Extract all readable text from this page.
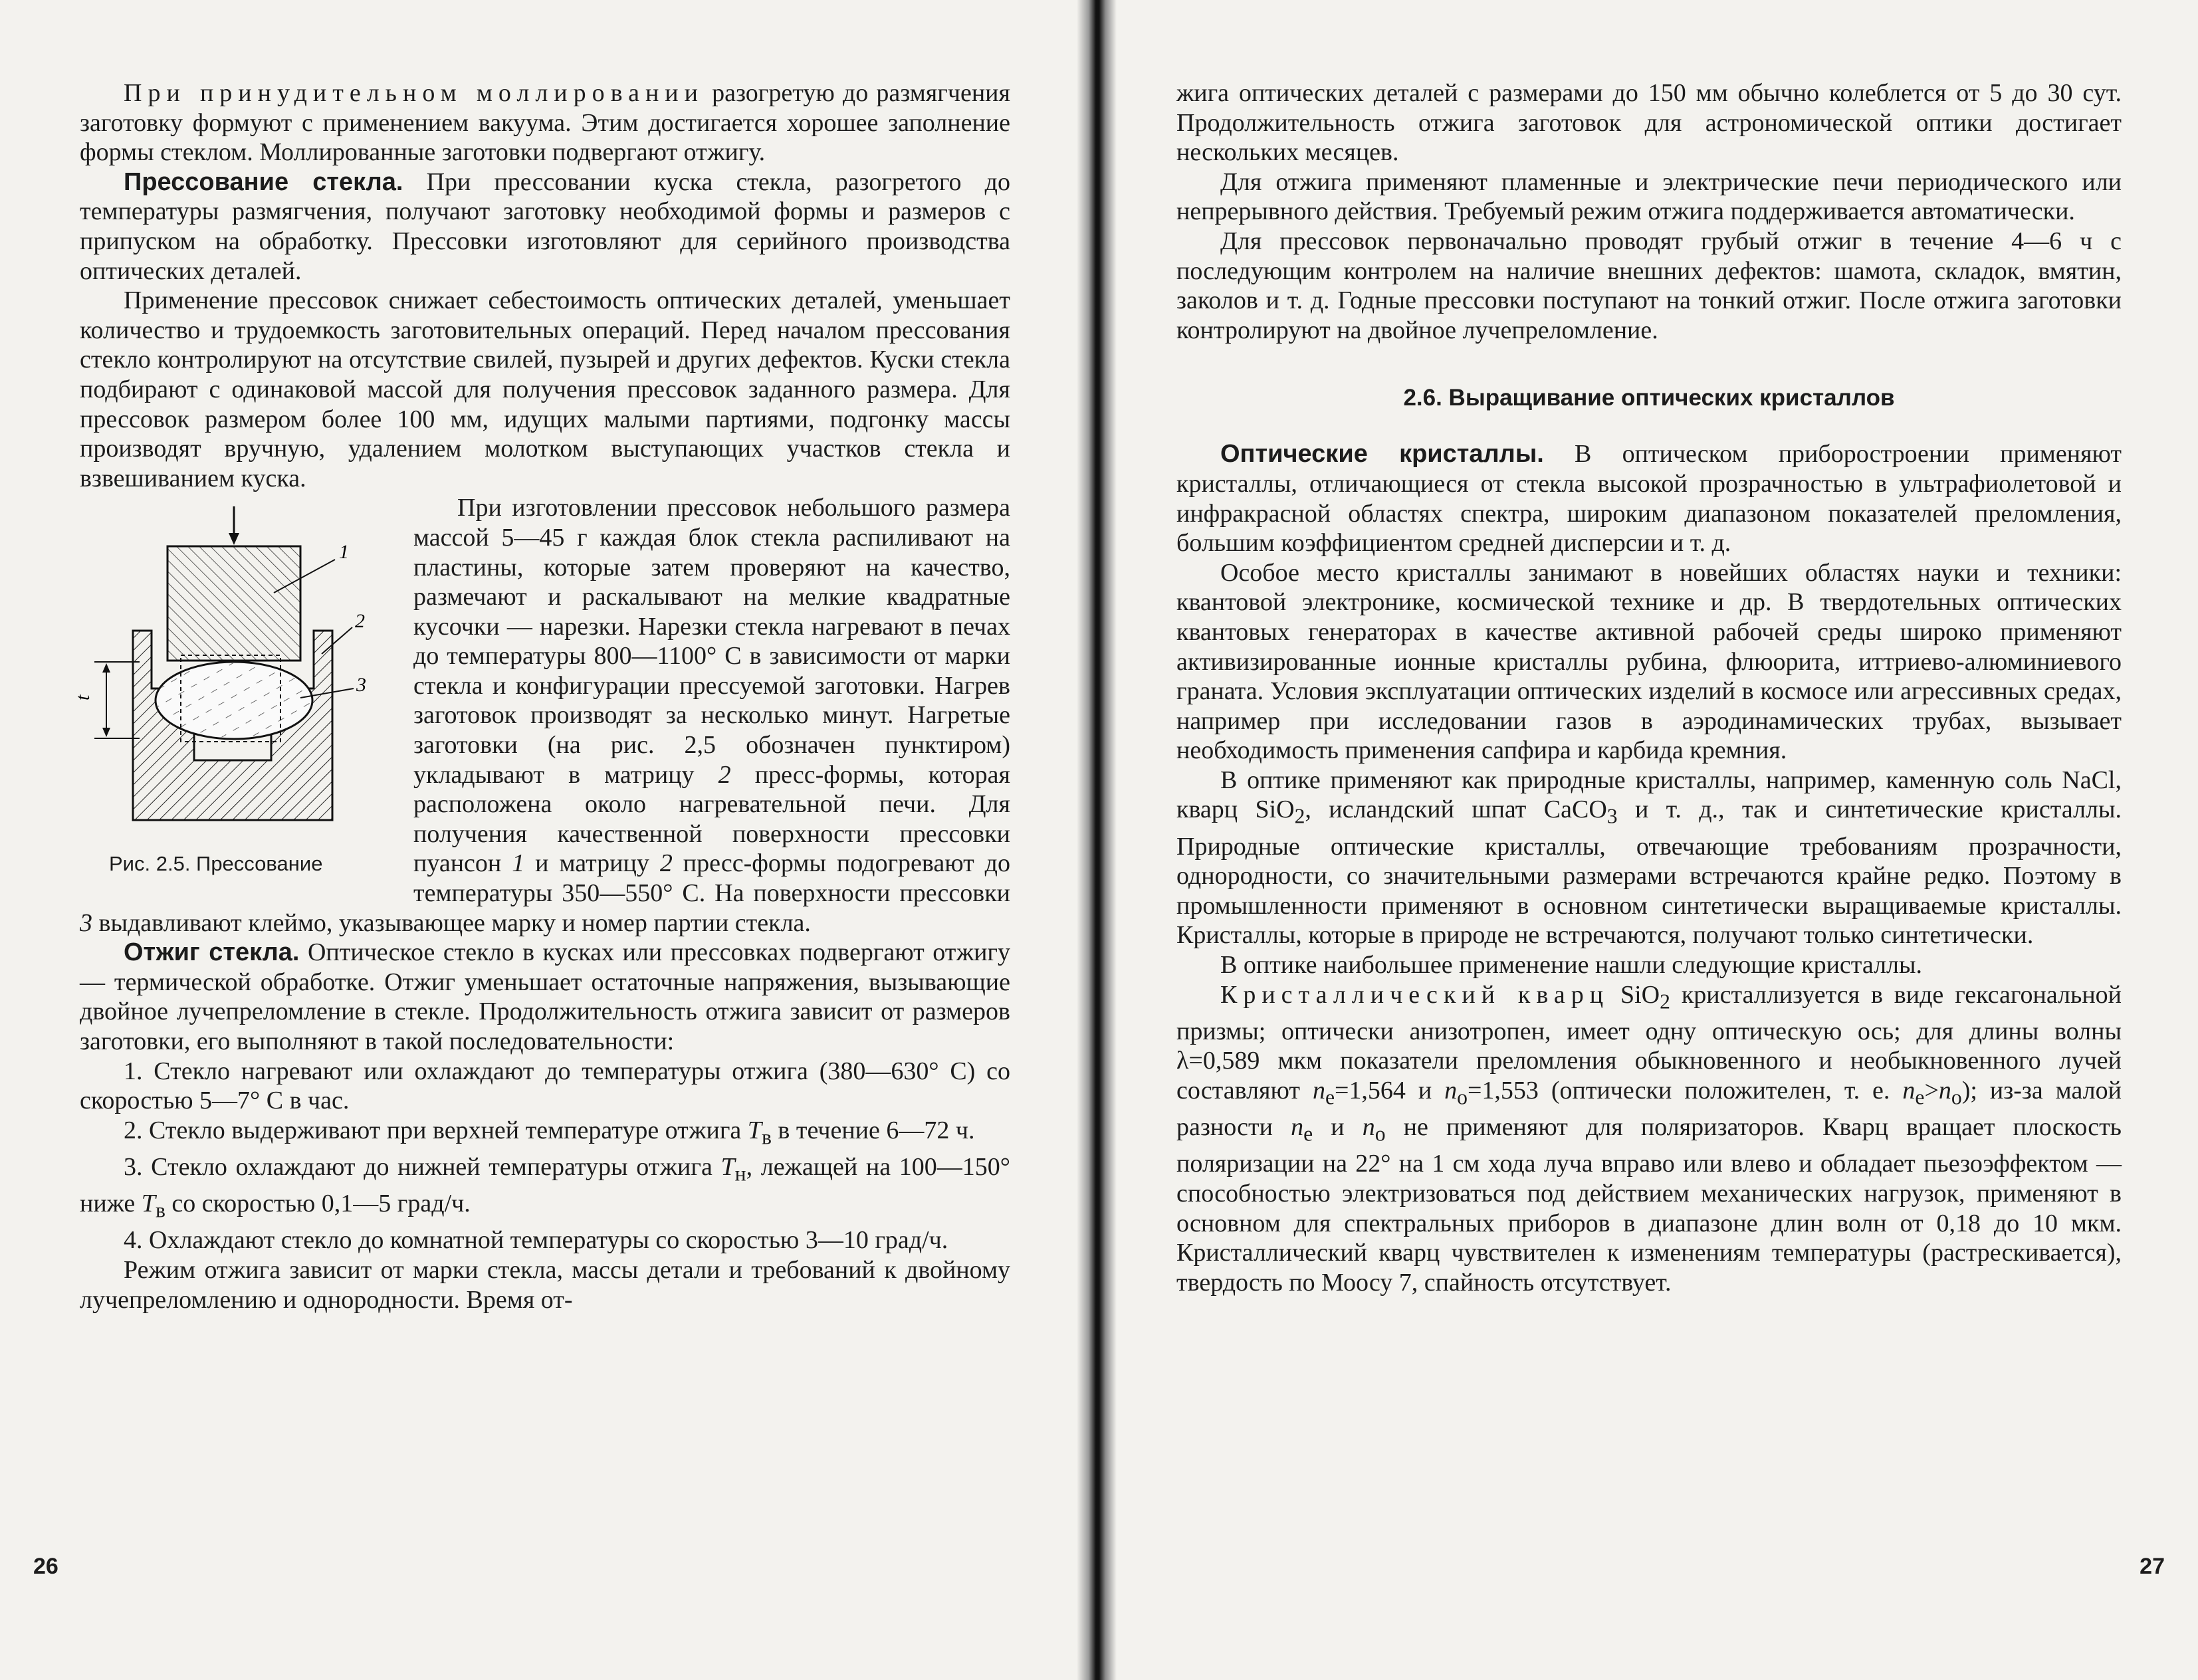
При принудительном моллировании разогретую до размягчения заготовку формуют с применением вакуума. Этим достигается хорошее заполнение формы стеклом. Моллированные заготовки подвергают отжигу.

Прессование стекла. При прессовании куска стекла, разогретого до температуры размягчения, получают заготовку необходимой формы и размеров с припуском на обработку. Прессовки изготовляют для серийного производства оптических деталей.

Применение прессовок снижает себестоимость оптических деталей, уменьшает количество и трудоемкость заготовительных операций. Перед началом прессования стекло контролируют на отсутствие свилей, пузырей и других дефектов. Куски стекла подбирают с одинаковой массой для получения прессовок заданного размера. Для прессовок размером более 100 мм, идущих малыми партиями, подгонку массы производят вручную, удалением молотком выступающих участков стекла и взвешиванием куска.

t
1
2
3
Рис. 2.5. Прессование

При изготовлении прессовок небольшого размера массой 5—45 г каждая блок стекла распиливают на пластины, которые затем проверяют на качество, размечают и раскалывают на мелкие квадратные кусочки — нарезки. Нарезки стекла нагревают в печах до температуры 800—1100° С в зависимости от марки стекла и конфигурации прессуемой заготовки. Нагрев заготовок производят за несколько минут. Нагретые заготовки (на рис. 2,5 обозначен пунктиром) укладывают в матрицу 2 пресс-формы, которая расположена около нагревательной печи. Для получения качественной поверхности прессовки пуансон 1 и матрицу 2 пресс-формы подогревают до температуры 350—550° С. На поверхности прессовки 3 выдавливают клеймо, указывающее марку и номер партии стекла.

Отжиг стекла. Оптическое стекло в кусках или прессовках подвергают отжигу — термической обработке. Отжиг уменьшает остаточные напряжения, вызывающие двойное лучепреломление в стекле. Продолжительность отжига зависит от размеров заготовки, его выполняют в такой последовательности:

1. Стекло нагревают или охлаждают до температуры отжига (380—630° С) со скоростью 5—7° С в час.

2. Стекло выдерживают при верхней температуре отжига $T_в$ в течение 6—72 ч.

3. Стекло охлаждают до нижней температуры отжига $T_н$, лежащей на 100—150° ниже $T_в$ со скоростью 0,1—5 град/ч.

4. Охлаждают стекло до комнатной температуры со скоростью 3—10 град/ч.

Режим отжига зависит от марки стекла, массы детали и требований к двойному лучепреломлению и однородности. Время от-

26

жига оптических деталей с размерами до 150 мм обычно колеблется от 5 до 30 сут. Продолжительность отжига заготовок для астрономической оптики достигает нескольких месяцев.

Для отжига применяют пламенные и электрические печи периодического или непрерывного действия. Требуемый режим отжига поддерживается автоматически.

Для прессовок первоначально проводят грубый отжиг в течение 4—6 ч с последующим контролем на наличие внешних дефектов: шамота, складок, вмятин, заколов и т. д. Годные прессовки поступают на тонкий отжиг. После отжига заготовки контролируют на двойное лучепреломление.

2.6. Выращивание оптических кристаллов

Оптические кристаллы. В оптическом приборостроении применяют кристаллы, отличающиеся от стекла высокой прозрачностью в ультрафиолетовой и инфракрасной областях спектра, широким диапазоном показателей преломления, большим коэффициентом средней дисперсии и т. д.

Особое место кристаллы занимают в новейших областях науки и техники: квантовой электронике, космической технике и др. В твердотельных оптических квантовых генераторах в качестве активной рабочей среды широко применяют активизированные ионные кристаллы рубина, флюорита, иттриево-алюминиевого граната. Условия эксплуатации оптических изделий в космосе или агрессивных средах, например при исследовании газов в аэродинамических трубах, вызывает необходимость применения сапфира и карбида кремния.

В оптике применяют как природные кристаллы, например, каменную соль NaCl, кварц SiO$_2$, исландский шпат CaCO$_3$ и т. д., так и синтетические кристаллы. Природные оптические кристаллы, отвечающие требованиям прозрачности, однородности, со значительными размерами встречаются крайне редко. Поэтому в промышленности применяют в основном синтетически выращиваемые кристаллы. Кристаллы, которые в природе не встречаются, получают только синтетически.

В оптике наибольшее применение нашли следующие кристаллы.

Кристаллический кварц SiO$_2$ кристаллизуется в виде гексагональной призмы; оптически анизотропен, имеет одну оптическую ось; для длины волны λ=0,589 мкм показатели преломления обыкновенного и необыкновенного лучей составляют $n_e=1,564$ и $n_o=1,553$ (оптически положителен, т. е. $n_e>n_o$); из-за малой разности $n_e$ и $n_o$ не применяют для поляризаторов. Кварц вращает плоскость поляризации на 22° на 1 см хода луча вправо или влево и обладает пьезоэффектом — способностью электризоваться под действием механических нагрузок, применяют в основном для спектральных приборов в диапазоне длин волн от 0,18 до 10 мкм. Кристаллический кварц чувствителен к изменениям температуры (растрескивается), твердость по Моосу 7, спайность отсутствует.

27
